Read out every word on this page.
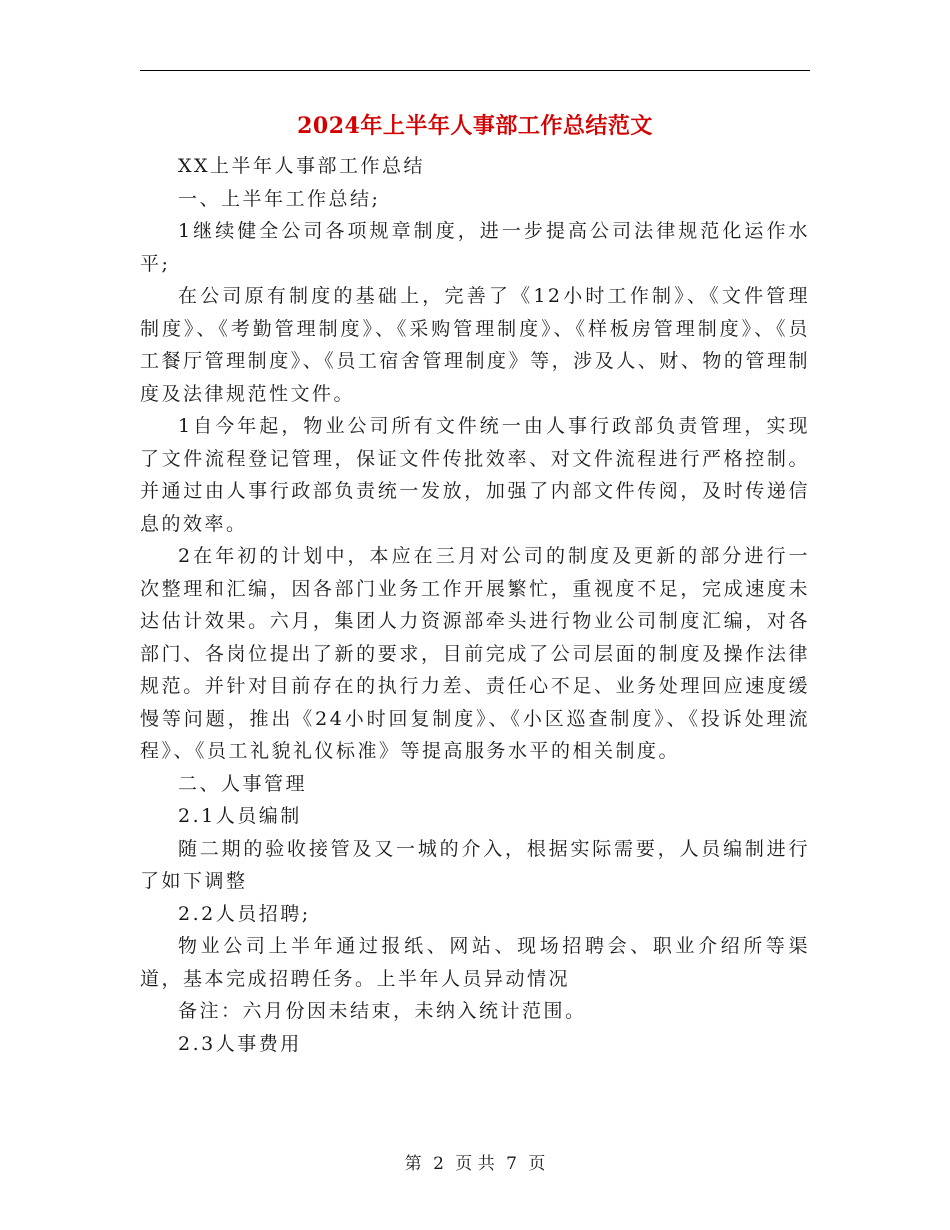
2024年上半年人事部工作总结范文

XX上半年人事部工作总结

一、上半年工作总结;

1继续健全公司各项规章制度，进一步提高公司法律规范化运作水平;

在公司原有制度的基础上，完善了《12小时工作制》、《文件管理制度》、《考勤管理制度》、《采购管理制度》、《样板房管理制度》、《员工餐厅管理制度》、《员工宿舍管理制度》等，涉及人、财、物的管理制度及法律规范性文件。

1自今年起，物业公司所有文件统一由人事行政部负责管理，实现了文件流程登记管理，保证文件传批效率、对文件流程进行严格控制。并通过由人事行政部负责统一发放，加强了内部文件传阅，及时传递信息的效率。

2在年初的计划中，本应在三月对公司的制度及更新的部分进行一次整理和汇编，因各部门业务工作开展繁忙，重视度不足，完成速度未达估计效果。六月，集团人力资源部牵头进行物业公司制度汇编，对各部门、各岗位提出了新的要求，目前完成了公司层面的制度及操作法律规范。并针对目前存在的执行力差、责任心不足、业务处理回应速度缓慢等问题，推出《24小时回复制度》、《小区巡查制度》、《投诉处理流程》、《员工礼貌礼仪标准》等提高服务水平的相关制度。

二、人事管理

2.1人员编制

随二期的验收接管及又一城的介入，根据实际需要，人员编制进行了如下调整

2.2人员招聘;

物业公司上半年通过报纸、网站、现场招聘会、职业介绍所等渠道，基本完成招聘任务。上半年人员异动情况

备注：六月份因未结束，未纳入统计范围。

2.3人事费用

第 2 页 共 7 页
